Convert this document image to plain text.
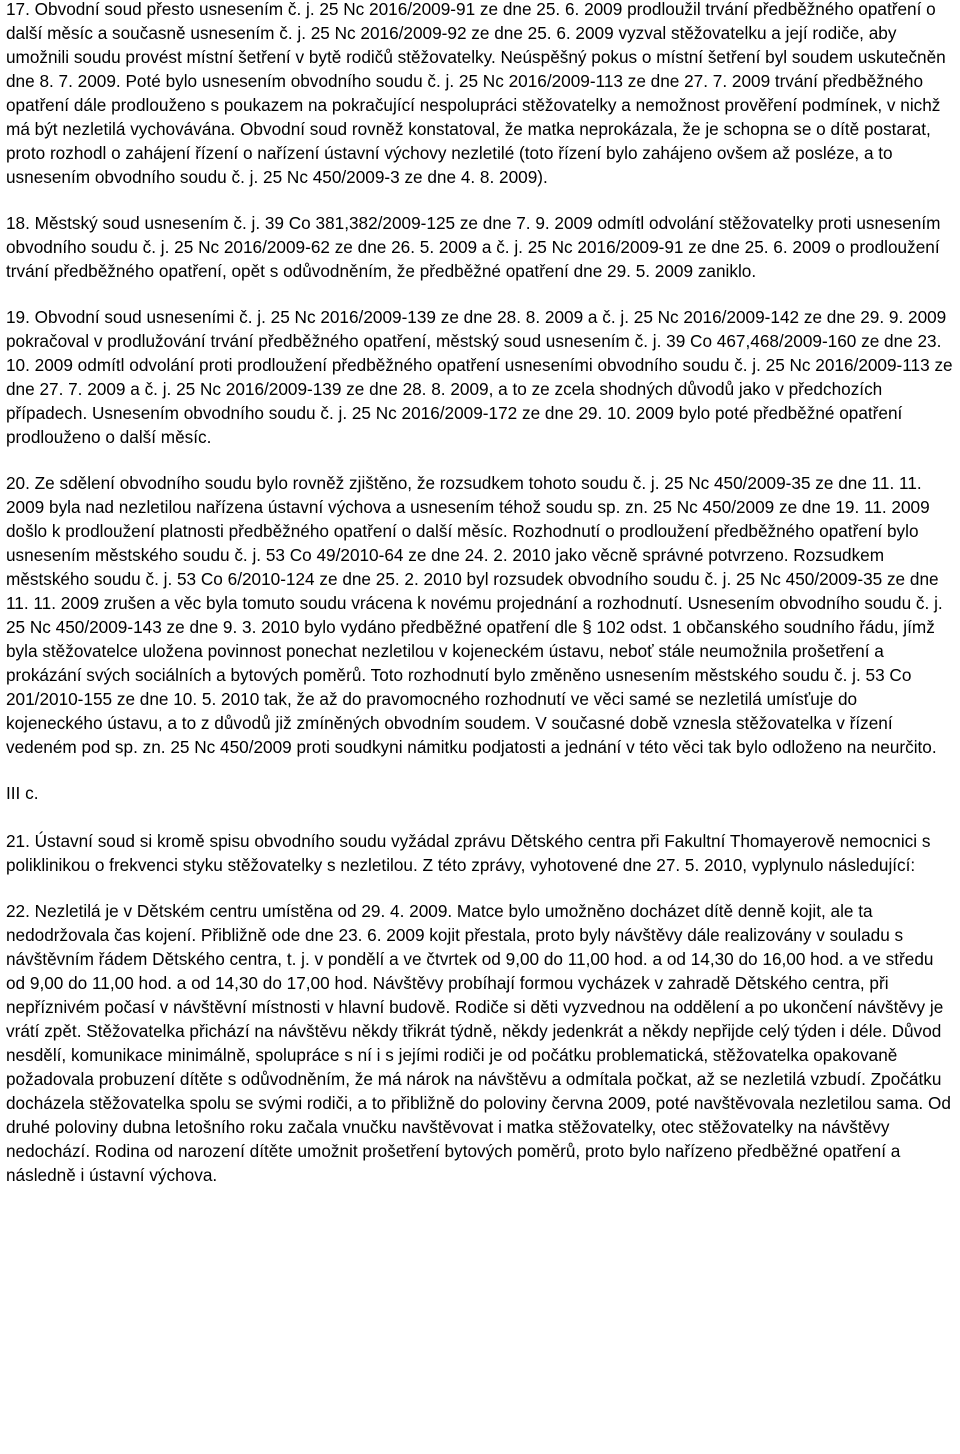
17. Obvodní soud přesto usnesením č. j. 25 Nc 2016/2009-91 ze dne 25. 6. 2009 prodloužil trvání předběžného opatření o další měsíc a současně usnesením č. j. 25 Nc 2016/2009-92 ze dne 25. 6. 2009 vyzval stěžovatelku a její rodiče, aby umožnili soudu provést místní šetření v bytě rodičů stěžovatelky. Neúspěšný pokus o místní šetření byl soudem uskutečněn dne 8. 7. 2009. Poté bylo usnesením obvodního soudu č. j. 25 Nc 2016/2009-113 ze dne 27. 7. 2009 trvání předběžného opatření dále prodlouženo s poukazem na pokračující nespolupráci stěžovatelky a nemožnost prověření podmínek, v nichž má být nezletilá vychovávána. Obvodní soud rovněž konstatoval, že matka neprokázala, že je schopna se o dítě postarat, proto rozhodl o zahájení řízení o nařízení ústavní výchovy nezletilé (toto řízení bylo zahájeno ovšem až posléze, a to usnesením obvodního soudu č. j. 25 Nc 450/2009-3 ze dne 4. 8. 2009).

18. Městský soud usnesením č. j. 39 Co 381,382/2009-125 ze dne 7. 9. 2009 odmítl odvolání stěžovatelky proti usnesením obvodního soudu č. j. 25 Nc 2016/2009-62 ze dne 26. 5. 2009 a č. j. 25 Nc 2016/2009-91 ze dne 25. 6. 2009 o prodloužení trvání předběžného opatření, opět s odůvodněním, že předběžné opatření dne 29. 5. 2009 zaniklo.

19. Obvodní soud usneseními č. j. 25 Nc 2016/2009-139 ze dne 28. 8. 2009 a č. j. 25 Nc 2016/2009-142 ze dne 29. 9. 2009 pokračoval v prodlužování trvání předběžného opatření, městský soud usnesením č. j. 39 Co 467,468/2009-160 ze dne 23. 10. 2009 odmítl odvolání proti prodloužení předběžného opatření usneseními obvodního soudu č. j. 25 Nc 2016/2009-113 ze dne 27. 7. 2009 a č. j. 25 Nc 2016/2009-139 ze dne 28. 8. 2009, a to ze zcela shodných důvodů jako v předchozích případech. Usnesením obvodního soudu č. j. 25 Nc 2016/2009-172 ze dne 29. 10. 2009 bylo poté předběžné opatření prodlouženo o další měsíc.

20. Ze sdělení obvodního soudu bylo rovněž zjištěno, že rozsudkem tohoto soudu č. j. 25 Nc 450/2009-35 ze dne 11. 11. 2009 byla nad nezletilou nařízena ústavní výchova a usnesením téhož soudu sp. zn. 25 Nc 450/2009 ze dne 19. 11. 2009 došlo k prodloužení platnosti předběžného opatření o další měsíc. Rozhodnutí o prodloužení předběžného opatření bylo usnesením městského soudu č. j. 53 Co 49/2010-64 ze dne 24. 2. 2010 jako věcně správné potvrzeno. Rozsudkem městského soudu č. j. 53 Co 6/2010-124 ze dne 25. 2. 2010 byl rozsudek obvodního soudu č. j. 25 Nc 450/2009-35 ze dne 11. 11. 2009 zrušen a věc byla tomuto soudu vrácena k novému projednání a rozhodnutí. Usnesením obvodního soudu č. j. 25 Nc 450/2009-143 ze dne 9. 3. 2010 bylo vydáno předběžné opatření dle § 102 odst. 1 občanského soudního řádu, jímž byla stěžovatelce uložena povinnost ponechat nezletilou v kojeneckém ústavu, neboť stále neumožnila prošetření a prokázání svých sociálních a bytových poměrů. Toto rozhodnutí bylo změněno usnesením městského soudu č. j. 53 Co 201/2010-155 ze dne 10. 5. 2010 tak, že až do pravomocného rozhodnutí ve věci samé se nezletilá umísťuje do kojeneckého ústavu, a to z důvodů již zmíněných obvodním soudem. V současné době vznesla stěžovatelka v řízení vedeném pod sp. zn. 25 Nc 450/2009 proti soudkyni námitku podjatosti a jednání v této věci tak bylo odloženo na neurčito.

III c.

21. Ústavní soud si kromě spisu obvodního soudu vyžádal zprávu Dětského centra při Fakultní Thomayerově nemocnici s poliklinikou o frekvenci styku stěžovatelky s nezletilou. Z této zprávy, vyhotovené dne 27. 5. 2010, vyplynulo následující:

22. Nezletilá je v Dětském centru umístěna od 29. 4. 2009. Matce bylo umožněno docházet dítě denně kojit, ale ta nedodržovala čas kojení. Přibližně ode dne 23. 6. 2009 kojit přestala, proto byly návštěvy dále realizovány v souladu s návštěvním řádem Dětského centra, t. j. v pondělí a ve čtvrtek od 9,00 do 11,00 hod. a od 14,30 do 16,00 hod. a ve středu od 9,00 do 11,00 hod. a od 14,30 do 17,00 hod. Návštěvy probíhají formou vycházek v zahradě Dětského centra, při nepříznivém počasí v návštěvní místnosti v hlavní budově. Rodiče si děti vyzvednou na oddělení a po ukončení návštěvy je vrátí zpět. Stěžovatelka přichází na návštěvu někdy třikrát týdně, někdy jedenkrát a někdy nepřijde celý týden i déle. Důvod nesdělí, komunikace minimálně, spolupráce s ní i s jejími rodiči je od počátku problematická, stěžovatelka opakovaně požadovala probuzení dítěte s odůvodněním, že má nárok na návštěvu a odmítala počkat, až se nezletilá vzbudí. Zpočátku docházela stěžovatelka spolu se svými rodiči, a to přibližně do poloviny června 2009, poté navštěvovala nezletilou sama. Od druhé poloviny dubna letošního roku začala vnučku navštěvovat i matka stěžovatelky, otec stěžovatelky na návštěvy nedochází. Rodina od narození dítěte umožnit prošetření bytových poměrů, proto bylo nařízeno předběžné opatření a následně i ústavní výchova.
